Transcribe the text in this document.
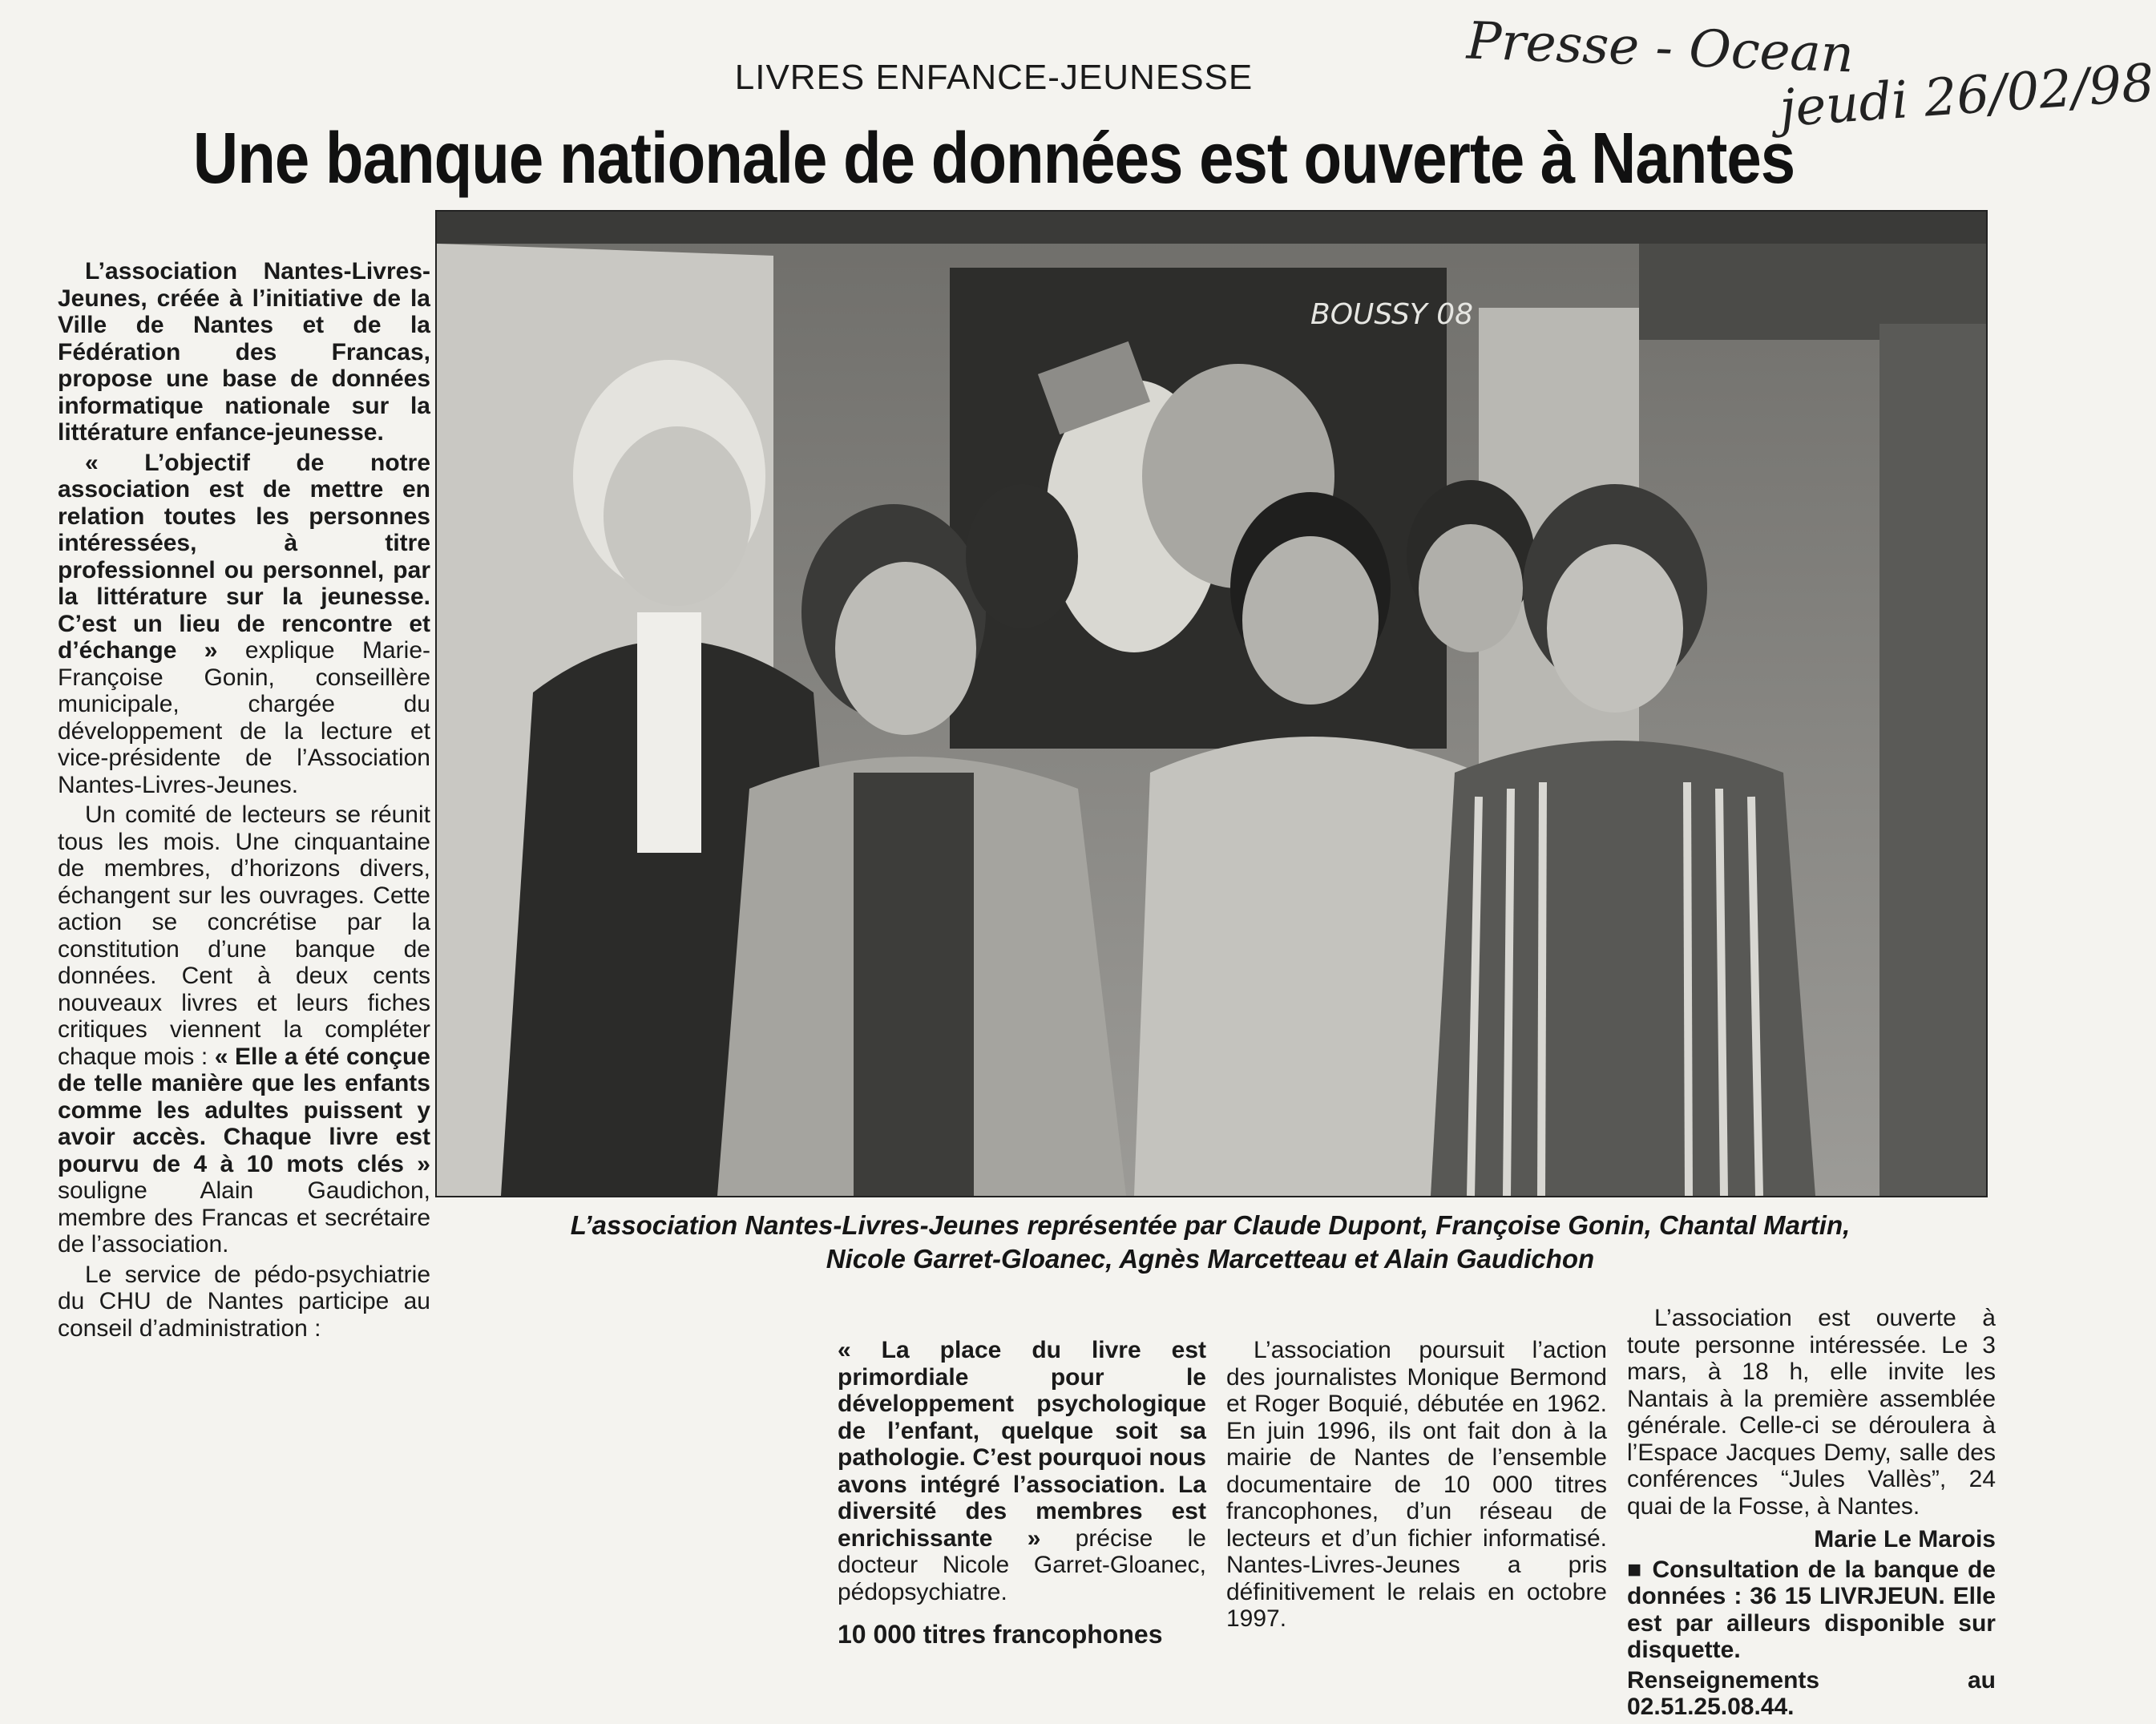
Presse - Ocean
jeudi 26/02/98
LIVRES ENFANCE-JEUNESSE
Une banque nationale de données est ouverte à Nantes

L’association Nantes-Livres-Jeunes, créée à l’initiative de la Ville de Nantes et de la Fédération des Francas, propose une base de données informatique nationale sur la littérature enfance-jeunesse.

« L’objectif de notre association est de mettre en relation toutes les personnes intéressées, à titre professionnel ou personnel, par la littérature sur la jeunesse. C’est un lieu de rencontre et d’échange » explique Marie-Françoise Gonin, conseillère municipale, chargée du développement de la lecture et vice-présidente de l’Association Nantes-Livres-Jeunes.

Un comité de lecteurs se réunit tous les mois. Une cinquantaine de membres, d’horizons divers, échangent sur les ouvrages. Cette action se concrétise par la constitution d’une banque de données. Cent à deux cents nouveaux livres et leurs fiches critiques viennent la compléter chaque mois : « Elle a été conçue de telle manière que les enfants comme les adultes puissent y avoir accès. Chaque livre est pourvu de 4 à 10 mots clés » souligne Alain Gaudichon, membre des Francas et secrétaire de l’association.

Le service de pédo-psychiatrie du CHU de Nantes participe au conseil d’administration :

BOUSSY 08
L’association Nantes-Livres-Jeunes représentée par Claude Dupont, Françoise Gonin, Chantal Martin,
Nicole Garret-Gloanec, Agnès Marcetteau et Alain Gaudichon

« La place du livre est primordiale pour le développement psychologique de l’enfant, quelque soit sa pathologie. C’est pourquoi nous avons intégré l’association. La diversité des membres est enrichissante » précise le docteur Nicole Garret-Gloanec, pédopsychiatre.

10 000 titres francophones

L’association poursuit l’action des journalistes Monique Bermond et Roger Boquié, débutée en 1962. En juin 1996, ils ont fait don à la mairie de Nantes de l’ensemble documentaire de 10 000 titres francophones, d’un réseau de lecteurs et d’un fichier informatisé. Nantes-Livres-Jeunes a pris définitivement le relais en octobre 1997.

L’association est ouverte à toute personne intéressée. Le 3 mars, à 18 h, elle invite les Nantais à la première assemblée générale. Celle-ci se déroulera à l’Espace Jacques Demy, salle des conférences “Jules Vallès”, 24 quai de la Fosse, à Nantes.

Marie Le Marois

■ Consultation de la banque de données : 36 15 LIVRJEUN. Elle est par ailleurs disponible sur disquette.

Renseignements au 02.51.25.08.44.
